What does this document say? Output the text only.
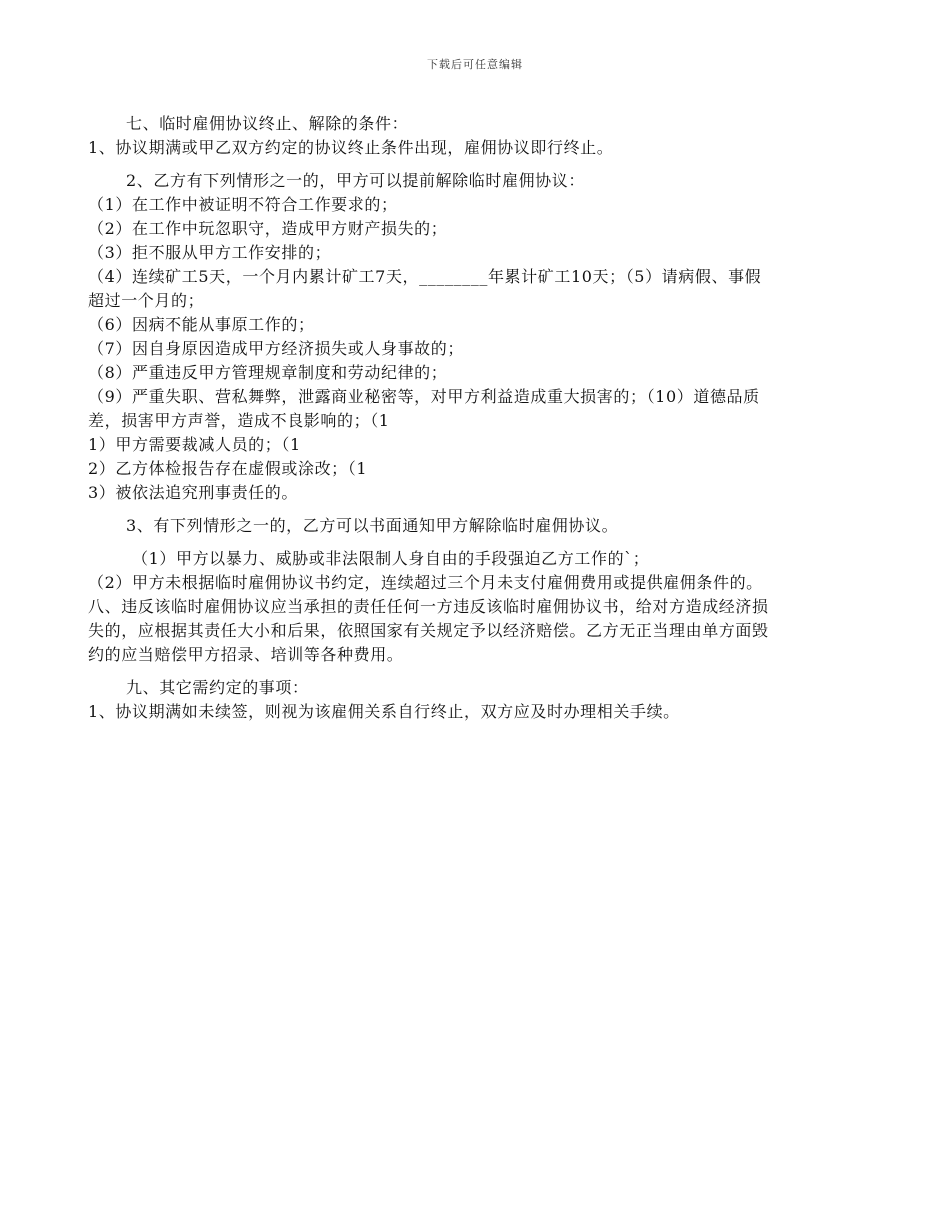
下载后可任意编辑

七、临时雇佣协议终止、解除的条件：

1、协议期满或甲乙双方约定的协议终止条件出现，雇佣协议即行终止。

2、乙方有下列情形之一的，甲方可以提前解除临时雇佣协议：

（1）在工作中被证明不符合工作要求的；

（2）在工作中玩忽职守，造成甲方财产损失的；

（3）拒不服从甲方工作安排的；

（4）连续矿工5天，一个月内累计矿工7天，________年累计矿工10天；（5）请病假、事假

超过一个月的；

（6）因病不能从事原工作的；

（7）因自身原因造成甲方经济损失或人身事故的；

（8）严重违反甲方管理规章制度和劳动纪律的；

（9）严重失职、营私舞弊，泄露商业秘密等，对甲方利益造成重大损害的；（10）道德品质

差，损害甲方声誉，造成不良影响的；（1

1）甲方需要裁减人员的；（1

2）乙方体检报告存在虚假或涂改；（1

3）被依法追究刑事责任的。

3、有下列情形之一的，乙方可以书面通知甲方解除临时雇佣协议。

（1）甲方以暴力、威胁或非法限制人身自由的手段强迫乙方工作的`；

（2）甲方未根据临时雇佣协议书约定，连续超过三个月未支付雇佣费用或提供雇佣条件的。

八、违反该临时雇佣协议应当承担的责任任何一方违反该临时雇佣协议书，给对方造成经济损

失的，应根据其责任大小和后果，依照国家有关规定予以经济赔偿。乙方无正当理由单方面毁

约的应当赔偿甲方招录、培训等各种费用。

九、其它需约定的事项：

1、协议期满如未续签，则视为该雇佣关系自行终止，双方应及时办理相关手续。
